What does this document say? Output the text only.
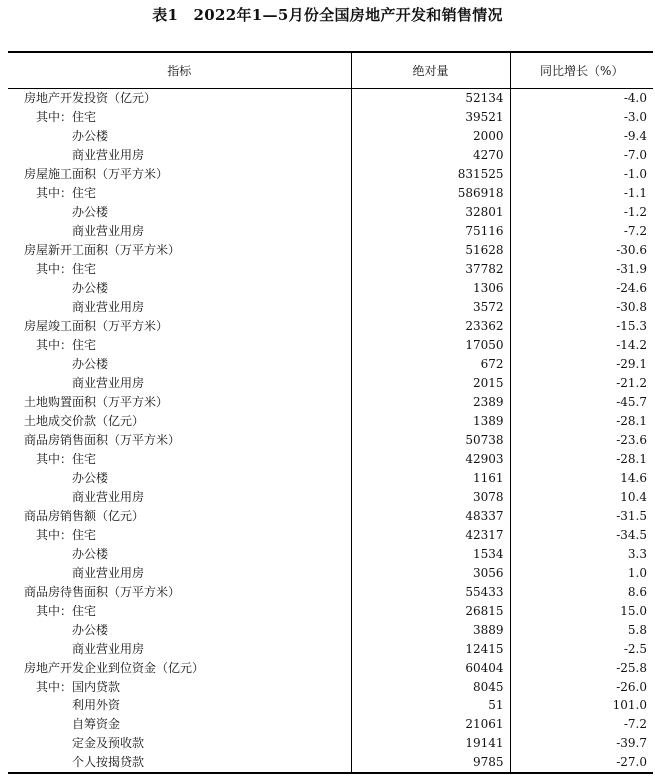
表1　2022年1—5月份全国房地产开发和销售情况
指标	绝对量	同比增长（%）
房地产开发投资（亿元）	52134	-4.0
其中：住宅	39521	-3.0
办公楼	2000	-9.4
商业营业用房	4270	-7.0
房屋施工面积（万平方米）	831525	-1.0
其中：住宅	586918	-1.1
办公楼	32801	-1.2
商业营业用房	75116	-7.2
房屋新开工面积（万平方米）	51628	-30.6
其中：住宅	37782	-31.9
办公楼	1306	-24.6
商业营业用房	3572	-30.8
房屋竣工面积（万平方米）	23362	-15.3
其中：住宅	17050	-14.2
办公楼	672	-29.1
商业营业用房	2015	-21.2
土地购置面积（万平方米）	2389	-45.7
土地成交价款（亿元）	1389	-28.1
商品房销售面积（万平方米）	50738	-23.6
其中：住宅	42903	-28.1
办公楼	1161	14.6
商业营业用房	3078	10.4
商品房销售额（亿元）	48337	-31.5
其中：住宅	42317	-34.5
办公楼	1534	3.3
商业营业用房	3056	1.0
商品房待售面积（万平方米）	55433	8.6
其中：住宅	26815	15.0
办公楼	3889	5.8
商业营业用房	12415	-2.5
房地产开发企业到位资金（亿元）	60404	-25.8
其中：国内贷款	8045	-26.0
利用外资	51	101.0
自筹资金	21061	-7.2
定金及预收款	19141	-39.7
个人按揭贷款	9785	-27.0
